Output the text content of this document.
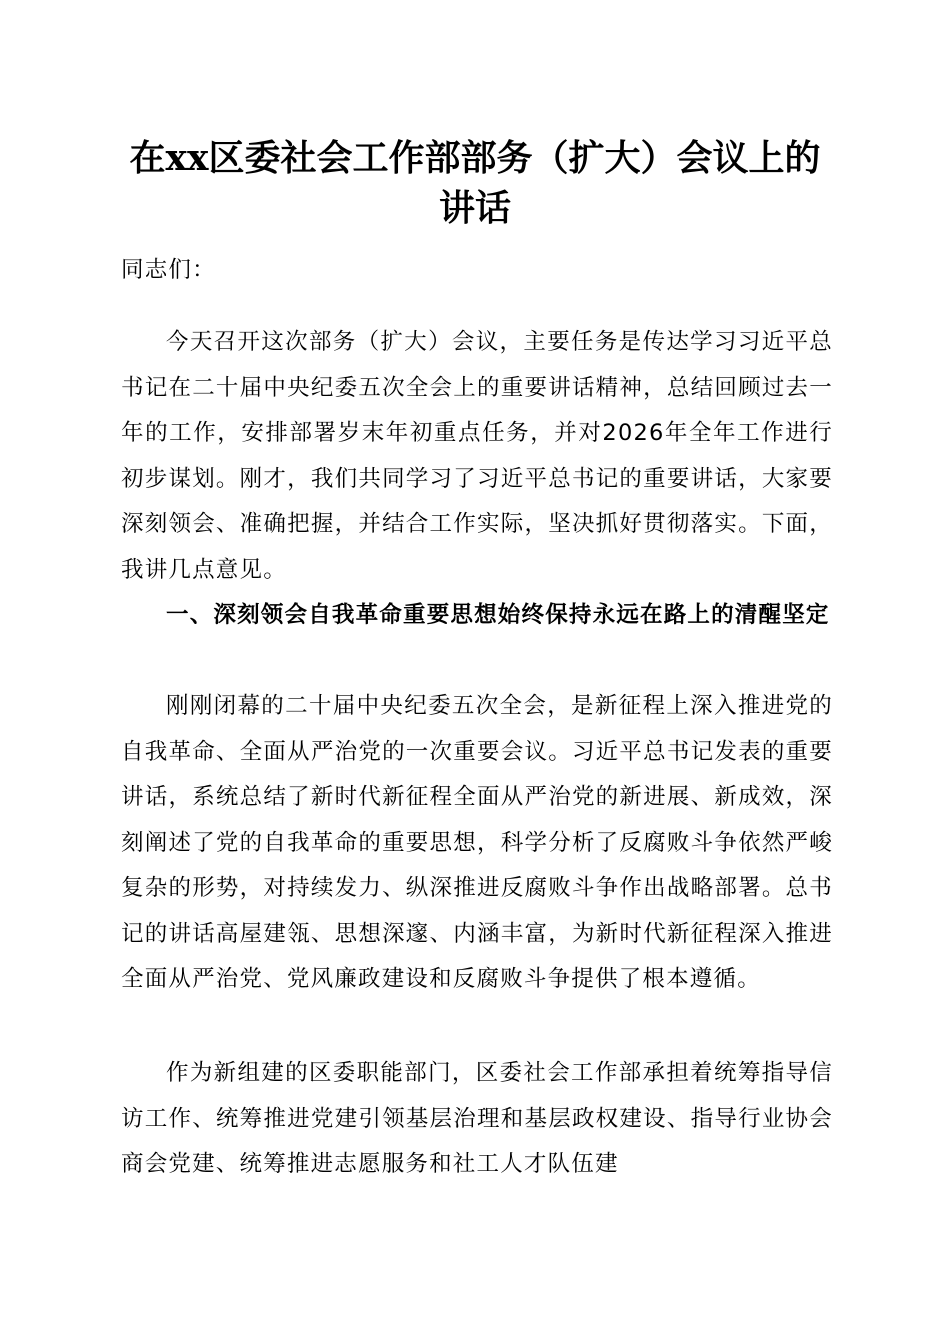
在xx区委社会工作部部务（扩大）会议上的
讲话

同志们：

今天召开这次部务（扩大）会议，主要任务是传达学习习近平总书记在二十届中央纪委五次全会上的重要讲话精神，总结回顾过去一年的工作，安排部署岁末年初重点任务，并对2026年全年工作进行初步谋划。刚才，我们共同学习了习近平总书记的重要讲话，大家要深刻领会、准确把握，并结合工作实际，坚决抓好贯彻落实。下面，我讲几点意见。

一、深刻领会自我革命重要思想始终保持永远在路上的清醒坚定

刚刚闭幕的二十届中央纪委五次全会，是新征程上深入推进党的自我革命、全面从严治党的一次重要会议。习近平总书记发表的重要讲话，系统总结了新时代新征程全面从严治党的新进展、新成效，深刻阐述了党的自我革命的重要思想，科学分析了反腐败斗争依然严峻复杂的形势，对持续发力、纵深推进反腐败斗争作出战略部署。总书记的讲话高屋建瓴、思想深邃、内涵丰富，为新时代新征程深入推进全面从严治党、党风廉政建设和反腐败斗争提供了根本遵循。

作为新组建的区委职能部门，区委社会工作部承担着统筹指导信访工作、统筹推进党建引领基层治理和基层政权建设、指导行业协会商会党建、统筹推进志愿服务和社工人才队伍建
